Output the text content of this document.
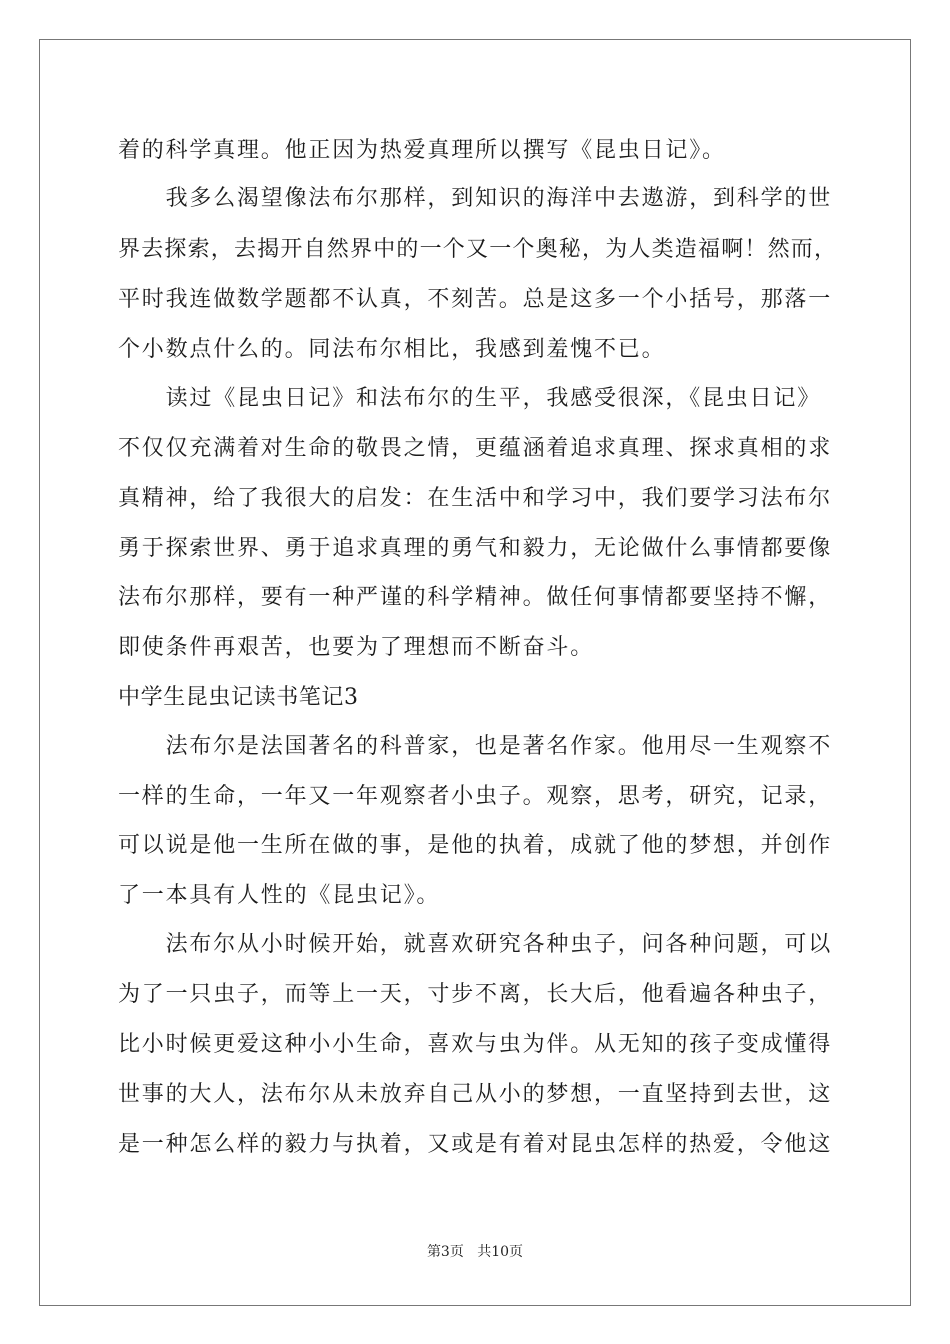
着的科学真理。他正因为热爱真理所以撰写《昆虫日记》。
　　我多么渴望像法布尔那样，到知识的海洋中去遨游，到科学的世
界去探索，去揭开自然界中的一个又一个奥秘，为人类造福啊！然而，
平时我连做数学题都不认真，不刻苦。总是这多一个小括号，那落一
个小数点什么的。同法布尔相比，我感到羞愧不已。
　　读过《昆虫日记》和法布尔的生平，我感受很深，《昆虫日记》
不仅仅充满着对生命的敬畏之情，更蕴涵着追求真理、探求真相的求
真精神，给了我很大的启发：在生活中和学习中，我们要学习法布尔
勇于探索世界、勇于追求真理的勇气和毅力，无论做什么事情都要像
法布尔那样，要有一种严谨的科学精神。做任何事情都要坚持不懈，
即使条件再艰苦，也要为了理想而不断奋斗。
中学生昆虫记读书笔记3
　　法布尔是法国著名的科普家，也是著名作家。他用尽一生观察不
一样的生命，一年又一年观察者小虫子。观察，思考，研究，记录，
可以说是他一生所在做的事，是他的执着，成就了他的梦想，并创作
了一本具有人性的《昆虫记》。
　　法布尔从小时候开始，就喜欢研究各种虫子，问各种问题，可以
为了一只虫子，而等上一天，寸步不离，长大后，他看遍各种虫子，
比小时候更爱这种小小生命，喜欢与虫为伴。从无知的孩子变成懂得
世事的大人，法布尔从未放弃自己从小的梦想，一直坚持到去世，这
是一种怎么样的毅力与执着，又或是有着对昆虫怎样的热爱，令他这
第3页 共10页
